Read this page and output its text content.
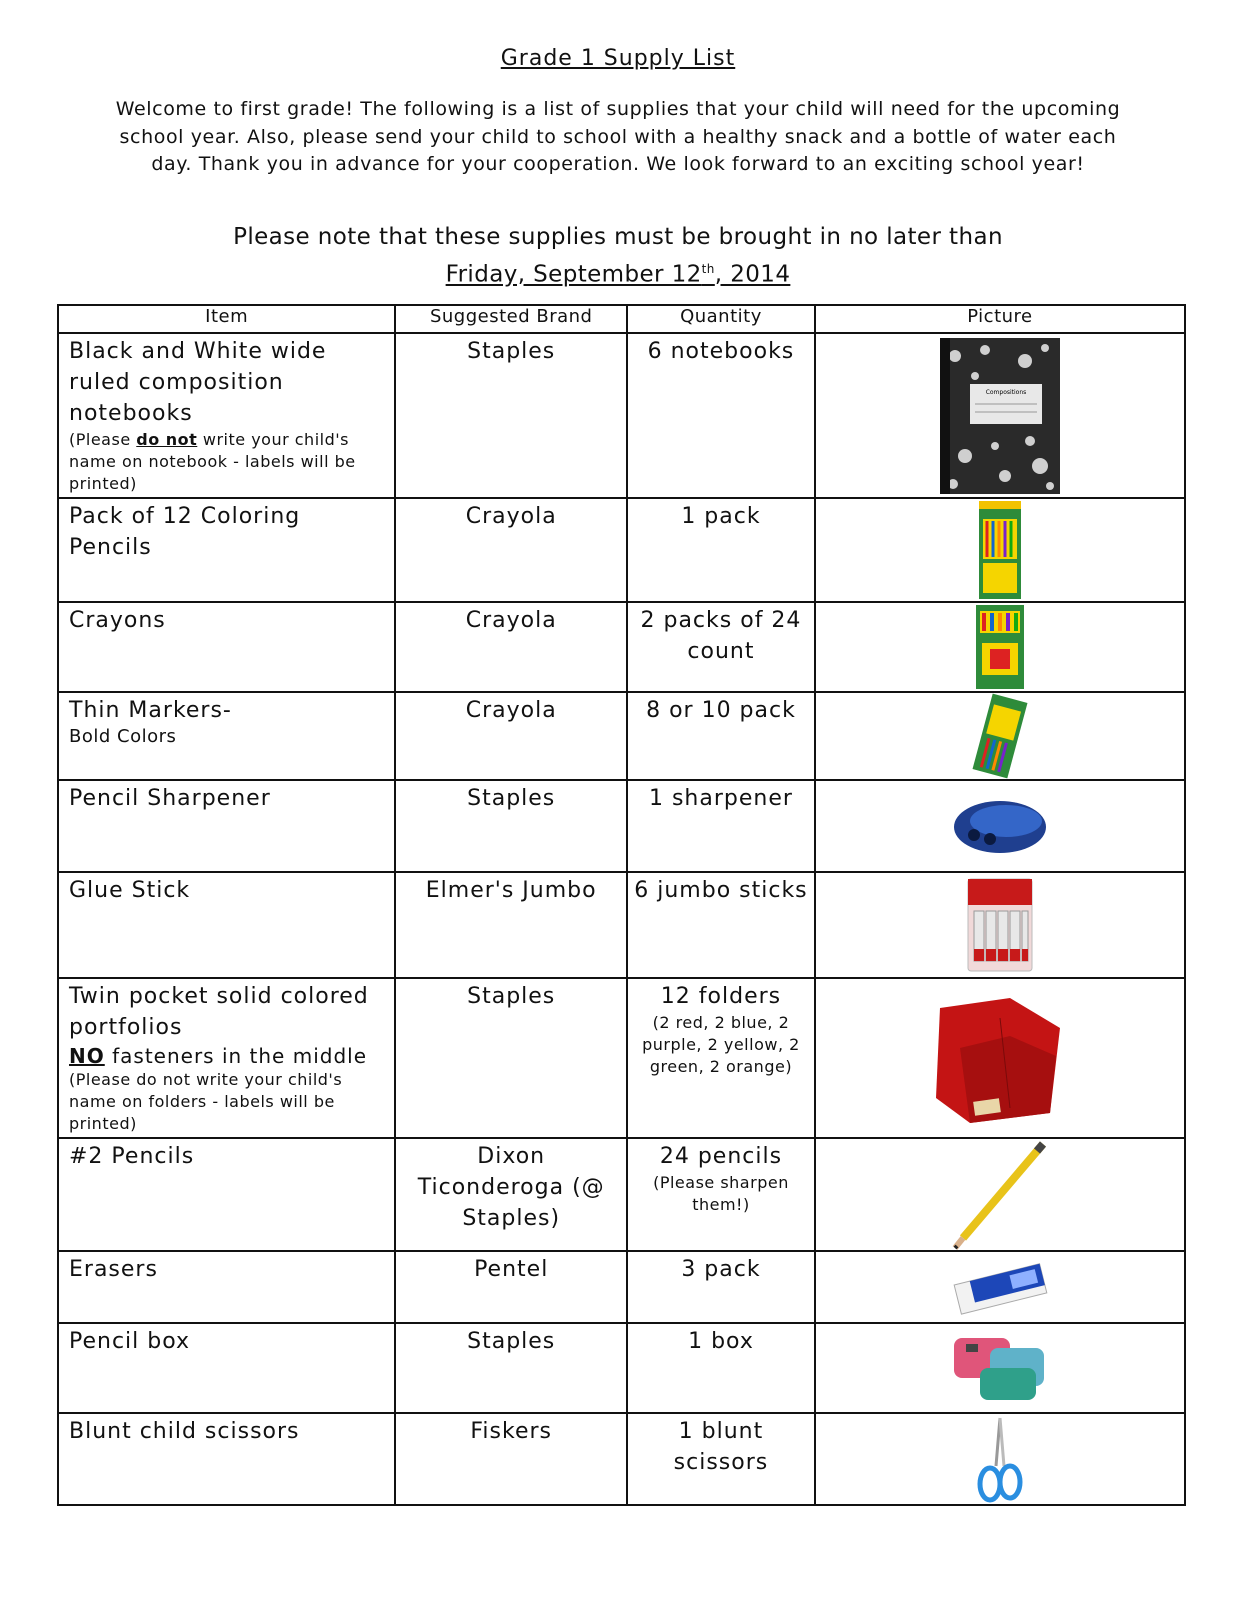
Grade 1 Supply List
Welcome to first grade! The following is a list of supplies that your child will need for the upcoming school year. Also, please send your child to school with a healthy snack and a bottle of water each day. Thank you in advance for your cooperation. We look forward to an exciting school year!
Please note that these supplies must be brought in no later than
Friday, September 12th, 2014
Item	Suggested Brand	Quantity	Picture
Black and White wide ruled composition notebooks
(Please do not write your child's name on notebook - labels will be printed)	Staples	6 notebooks	Compositions

Pack of 12 Coloring Pencils	Crayola	1 pack	

Crayons	Crayola	2 packs of 24 count	

Thin Markers-
Bold Colors	Crayola	8 or 10 pack	

Pencil Sharpener	Staples	1 sharpener	

Glue Stick	Elmer's Jumbo	6 jumbo sticks	

Twin pocket solid colored portfolios
NO fasteners in the middle
(Please do not write your child's name on folders - labels will be printed)	Staples	12 folders
(2 red, 2 blue, 2 purple, 2 yellow, 2 green, 2 orange)

#2 Pencils	Dixon Ticonderoga (@ Staples)	24 pencils
(Please sharpen them!)

Erasers	Pentel	3 pack	

Pencil box	Staples	1 box	

Blunt child scissors	Fiskers	1 blunt scissors	
